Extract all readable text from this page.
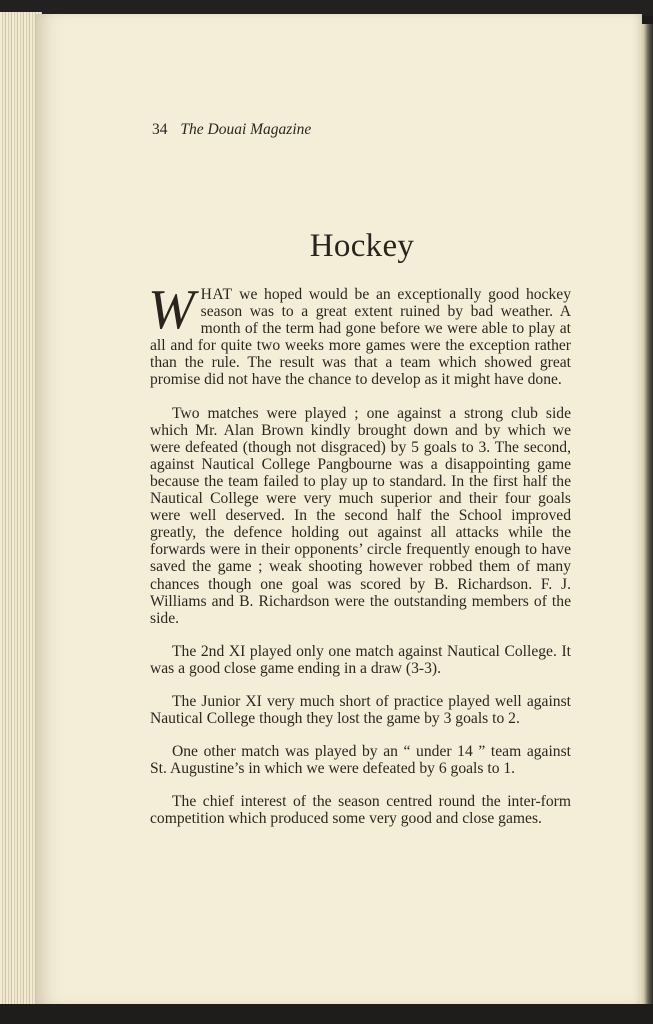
34 The Douai Magazine
Hockey

WHAT we hoped would be an exceptionally good hockey season was to a great extent ruined by bad weather. A month of the term had gone before we were able to play at all and for quite two weeks more games were the exception rather than the rule. The result was that a team which showed great promise did not have the chance to develop as it might have done.

Two matches were played ; one against a strong club side which Mr. Alan Brown kindly brought down and by which we were defeated (though not disgraced) by 5 goals to 3. The second, against Nautical College Pangbourne was a disappointing game because the team failed to play up to standard. In the first half the Nautical College were very much superior and their four goals were well deserved. In the second half the School improved greatly, the defence holding out against all attacks while the forwards were in their opponents’ circle frequently enough to have saved the game ; weak shooting however robbed them of many chances though one goal was scored by B. Richardson. F. J. Williams and B. Richardson were the outstanding members of the side.

The 2nd XI played only one match against Nautical College. It was a good close game ending in a draw (3-3).

The Junior XI very much short of practice played well against Nautical College though they lost the game by 3 goals to 2.

One other match was played by an “ under 14 ” team against St. Augustine’s in which we were defeated by 6 goals to 1.

The chief interest of the season centred round the inter-form competition which produced some very good and close games.
